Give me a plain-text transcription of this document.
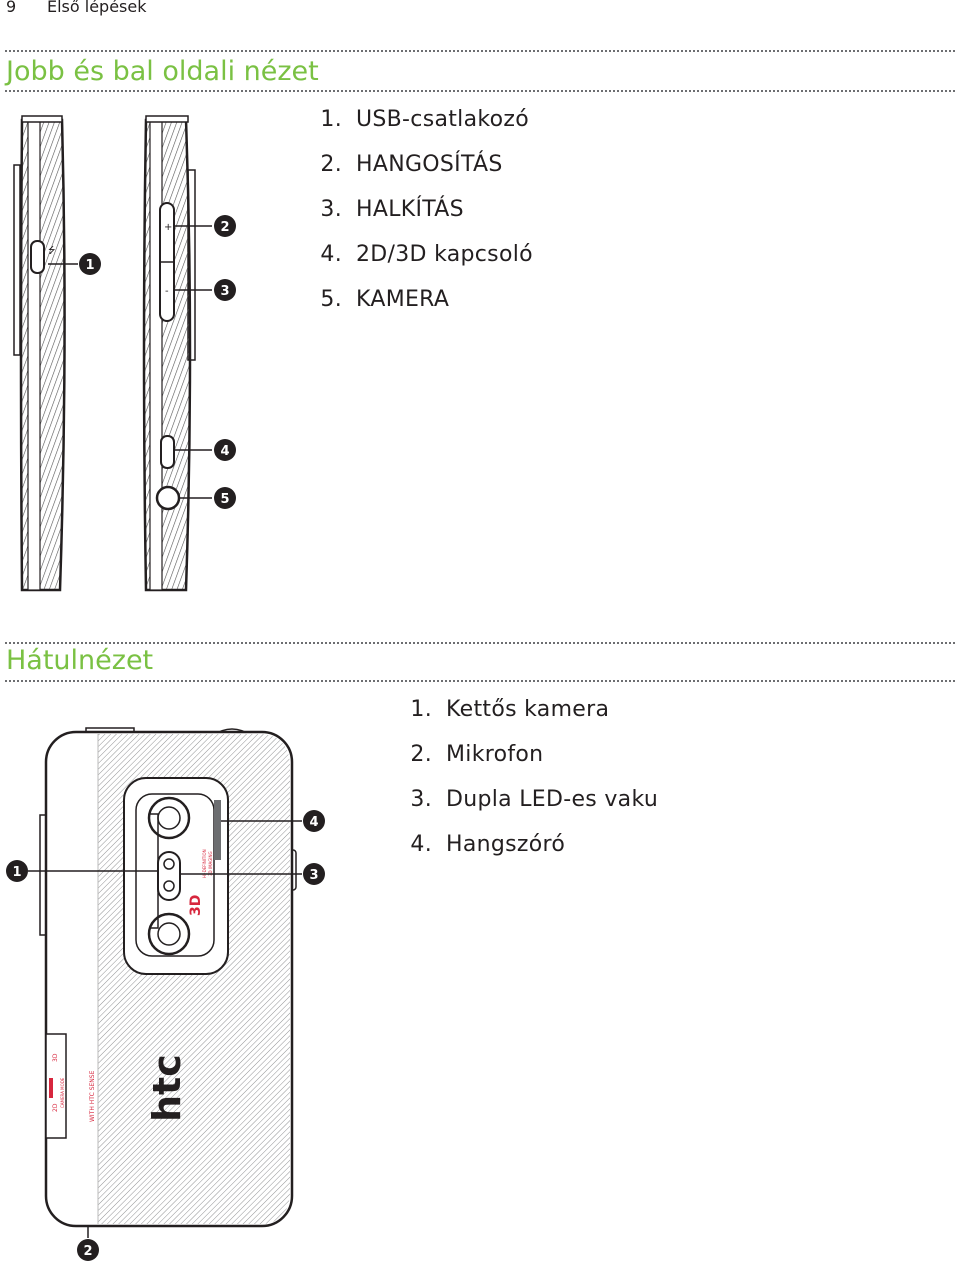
9 Első lépések
Jobb és bal oldali nézet
1. USB-csatlakozó
2. HANGOSÍTÁS
3. HALKÍTÁS
4. 2D/3D kapcsoló
5. KAMERA
⭍
+
-
1
2
3
4
5
Hátulnézet
1. Kettős kamera
2. Mikrofon
3. Dupla LED-es vaku
4. Hangszóró
3D
HI-DEFINITION 3D IMAGING
2D
3D
CAMERA MODE htc
WITH HTC SENSE
1
2
3
4
